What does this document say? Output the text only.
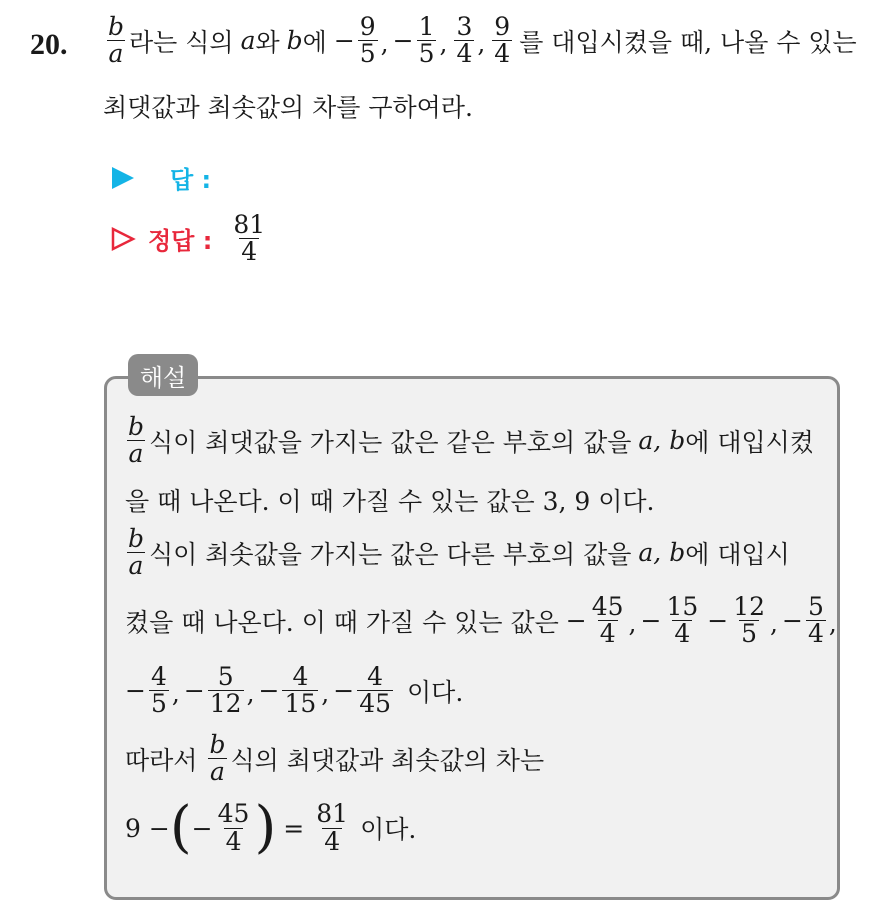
20. $\frac{b}{a}$ 라는 식의 a 와 b 에 − $\frac{9}{5}$ , − $\frac{1}{5}$ , $\frac{3}{4}$ , $\frac{9}{4}$ 를 대입시켰을 때, 나올 수 있는
최댓값과 최솟값의 차를 구하여라.
답 :
정답 : $\frac{81}{4}$
해설
$\frac{b}{a}$ 식이 최댓값을 가지는 값은 같은 부호의 값을 a, b 에 대입시켰
을 때 나온다. 이 때 가질 수 있는 값은 3, 9 이다.
$\frac{b}{a}$ 식이 최솟값을 가지는 값은 다른 부호의 값을 a, b 에 대입시
켰을 때 나온다. 이 때 가질 수 있는 값은 − $\frac{45}{4}$ , − $\frac{15}{4} - \frac{12}{5}$ , − $\frac{5}{4}$ ,
− $\frac{4}{5}$ , − $\frac{5}{12}$ , − $\frac{4}{15}$ , − $\frac{4}{45}$ 이다.
따라서 $\frac{b}{a}$ 식의 최댓값과 최솟값의 차는
9 − ( − $\frac{45}{4}$ ) = $\frac{81}{4}$ 이다.
